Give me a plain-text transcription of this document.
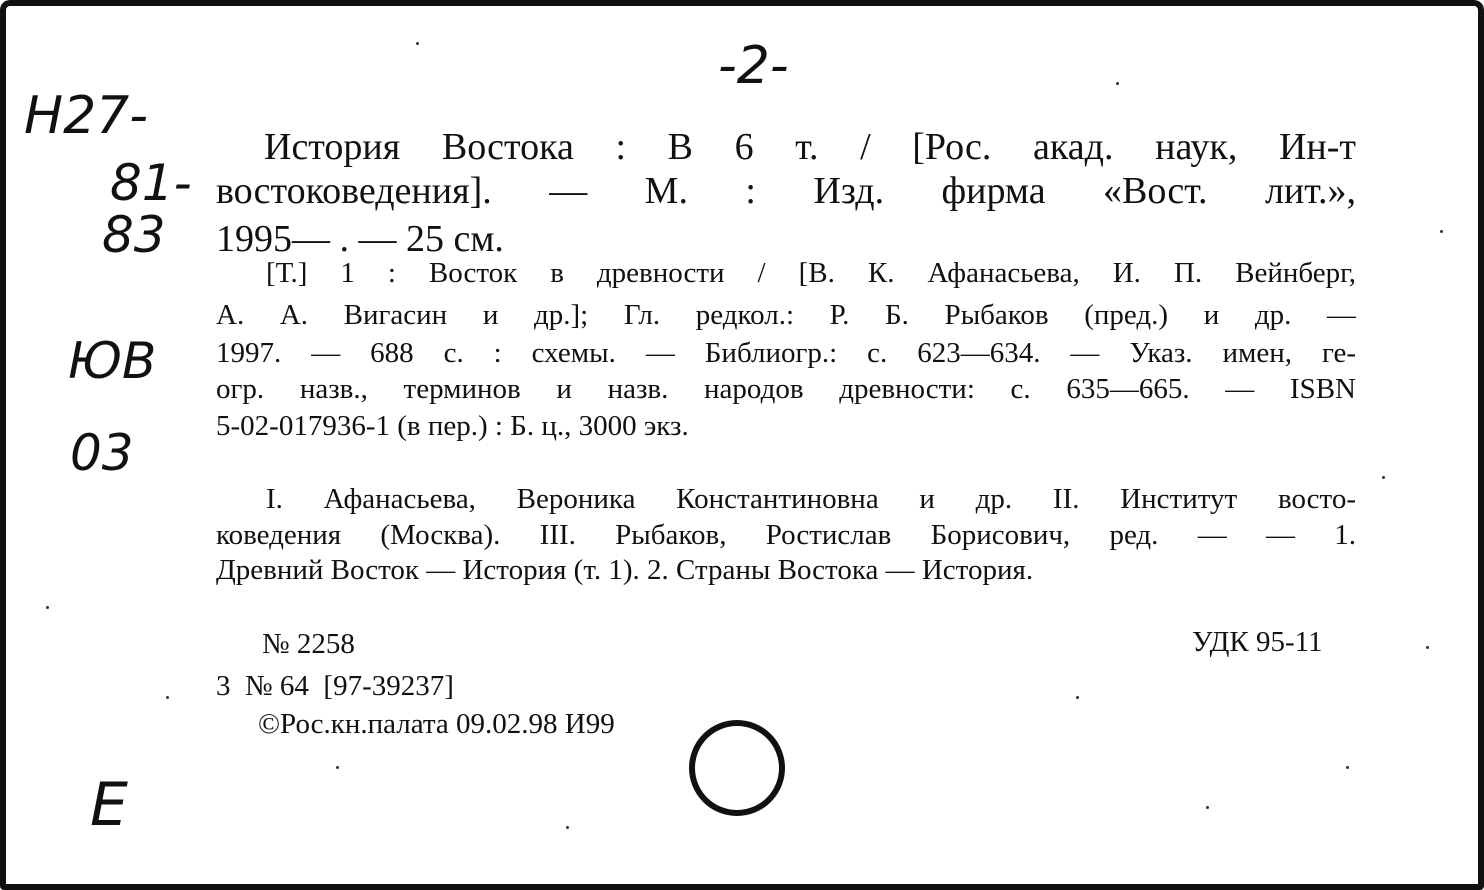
-2-
Н27-
81-
83
ЮВ
03
E
История Востока : В 6 т. / [Рос. акад. наук, Ин-т
востоковедения]. — М. : Изд. фирма «Вост. лит.»,
1995— . — 25 см.
[Т.] 1 : Восток в древности / [В. К. Афанасьева, И. П. Вейнберг,
А. А. Вигасин и др.]; Гл. редкол.: Р. Б. Рыбаков (пред.) и др. —
1997. — 688 с. : схемы. — Библиогр.: с. 623—634. — Указ. имен, ге-
огр. назв., терминов и назв. народов древности: с. 635—665. — ISBN
5-02-017936-1 (в пер.) : Б. ц., 3000 экз.
I. Афанасьева, Вероника Константиновна и др. II. Институт восто-
коведения (Москва). III. Рыбаков, Ростислав Борисович, ред. — — 1.
Древний Восток — История (т. 1). 2. Страны Востока — История.
№ 2258	УДК 95-11
3  № 64  [97-39237]
©Рос.кн.палата 09.02.98 И99
